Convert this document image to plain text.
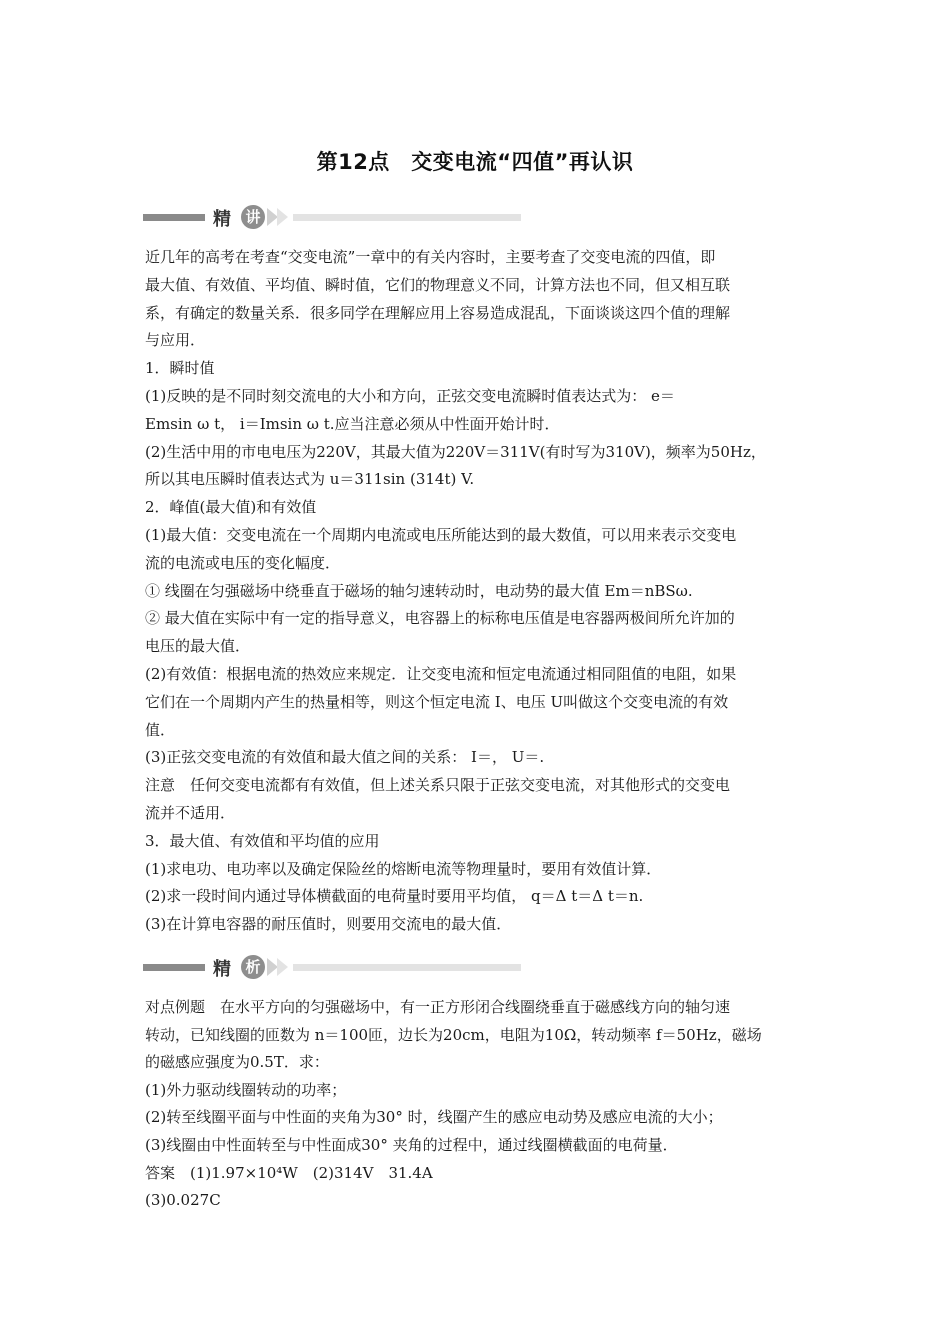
第12点　交变电流“四值”再认识
精 讲

近几年的高考在考查“交变电流”一章中的有关内容时，主要考查了交变电流的四值，即

最大值、有效值、平均值、瞬时值，它们的物理意义不同，计算方法也不同，但又相互联

系，有确定的数量关系．很多同学在理解应用上容易造成混乱，下面谈谈这四个值的理解

与应用．

1．瞬时值

(1)反映的是不同时刻交流电的大小和方向，正弦交变电流瞬时值表达式为： e＝

Emsin ω t， i＝Imsin ω t.应当注意必须从中性面开始计时．

(2)生活中用的市电电压为220V，其最大值为220V＝311V(有时写为310V)，频率为50Hz，

所以其电压瞬时值表达式为 u＝311sin (314t) V.

2．峰值(最大值)和有效值

(1)最大值：交变电流在一个周期内电流或电压所能达到的最大数值，可以用来表示交变电

流的电流或电压的变化幅度．

① 线圈在匀强磁场中绕垂直于磁场的轴匀速转动时，电动势的最大值 Em＝nBSω.

② 最大值在实际中有一定的指导意义，电容器上的标称电压值是电容器两极间所允许加的

电压的最大值．

(2)有效值：根据电流的热效应来规定．让交变电流和恒定电流通过相同阻值的电阻，如果

它们在一个周期内产生的热量相等，则这个恒定电流 I、电压 U叫做这个交变电流的有效

值．

(3)正弦交变电流的有效值和最大值之间的关系： I＝， U＝.

注意　任何交变电流都有有效值，但上述关系只限于正弦交变电流，对其他形式的交变电

流并不适用．

3．最大值、有效值和平均值的应用

(1)求电功、电功率以及确定保险丝的熔断电流等物理量时，要用有效值计算．

(2)求一段时间内通过导体横截面的电荷量时要用平均值， q＝Δ t＝Δ t＝n.

(3)在计算电容器的耐压值时，则要用交流电的最大值．

精 析

对点例题　在水平方向的匀强磁场中，有一正方形闭合线圈绕垂直于磁感线方向的轴匀速

转动，已知线圈的匝数为 n＝100匝，边长为20cm，电阻为10Ω，转动频率 f＝50Hz，磁场

的磁感应强度为0.5T．求：

(1)外力驱动线圈转动的功率；

(2)转至线圈平面与中性面的夹角为30° 时，线圈产生的感应电动势及感应电流的大小；

(3)线圈由中性面转至与中性面成30° 夹角的过程中，通过线圈横截面的电荷量．

答案　(1)1.97×10⁴W　(2)314V　31.4A

(3)0.027C
